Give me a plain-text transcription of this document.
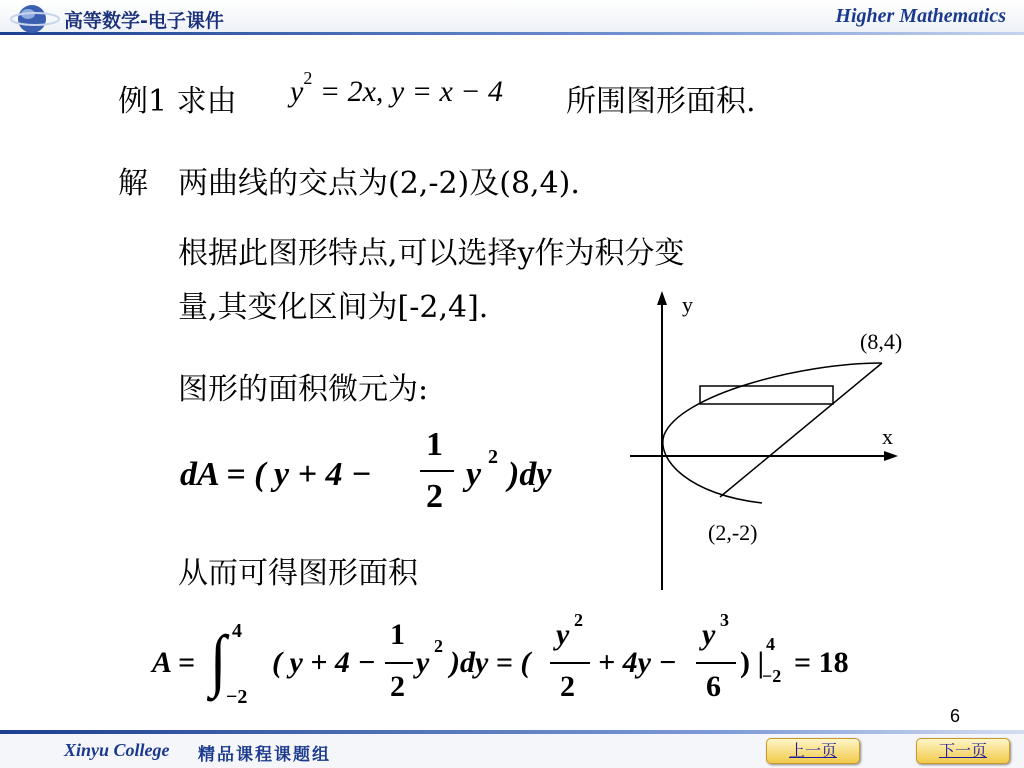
高等数学-电子课件	Higher Mathematics
例1 求由 $y^2 = 2x$, y = x − 4 所围图形面积.
解 两曲线的交点为(2,-2)及(8,4).
根据此图形特点,可以选择y作为积分变
量,其变化区间为[-2,4].
图形的面积微元为:
dA = ( y + 4 −
1
2
y 2 )dy
从而可得图形面积
A = ∫ 4
−2
( y + 4 −
1
2
y 2 )dy = (
y 2
2
+ 4y −
y 3
6
) |
4
−2 = 18
y
x
(8,4)
(2,-2)
6
Xinyu College 精品课程课题组	上一页	下一页
